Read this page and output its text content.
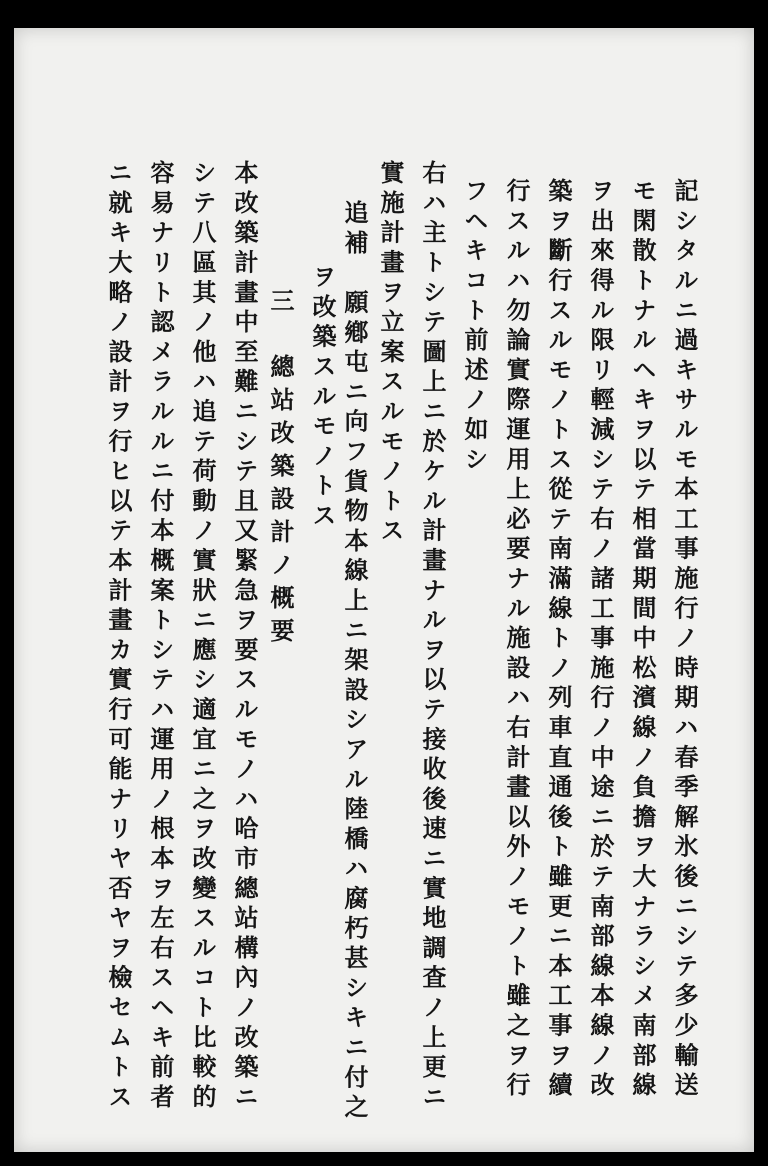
記シタルニ過キサルモ本工事施行ノ時期ハ春季解氷後ニシテ多少輸送
モ閑散トナルヘキヲ以テ相當期間中松濱線ノ負擔ヲ大ナラシメ南部線
ヲ出來得ル限リ輕減シテ右ノ諸工事施行ノ中途ニ於テ南部線本線ノ改
築ヲ斷行スルモノトス從テ南滿線トノ列車直通後ト雖更ニ本工事ヲ續
行スルハ勿論實際運用上必要ナル施設ハ右計畫以外ノモノト雖之ヲ行
フヘキコト前述ノ如シ
右ハ主トシテ圖上ニ於ケル計畫ナルヲ以テ接收後速ニ實地調査ノ上更ニ
實施計畫ヲ立案スルモノトス
追補　願鄕屯ニ向フ貨物本線上ニ架設シアル陸橋ハ腐朽甚シキニ付之
ヲ改築スルモノトス
三　總站改築設計ノ概要
本改築計畫中至難ニシテ且又緊急ヲ要スルモノハ哈市總站構內ノ改築ニ
シテ八區其ノ他ハ追テ荷動ノ實狀ニ應シ適宜ニ之ヲ改變スルコト比較的
容易ナリト認メラルルニ付本概案トシテハ運用ノ根本ヲ左右スヘキ前者
ニ就キ大略ノ設計ヲ行ヒ以テ本計畫カ實行可能ナリヤ否ヤヲ檢セムトス
